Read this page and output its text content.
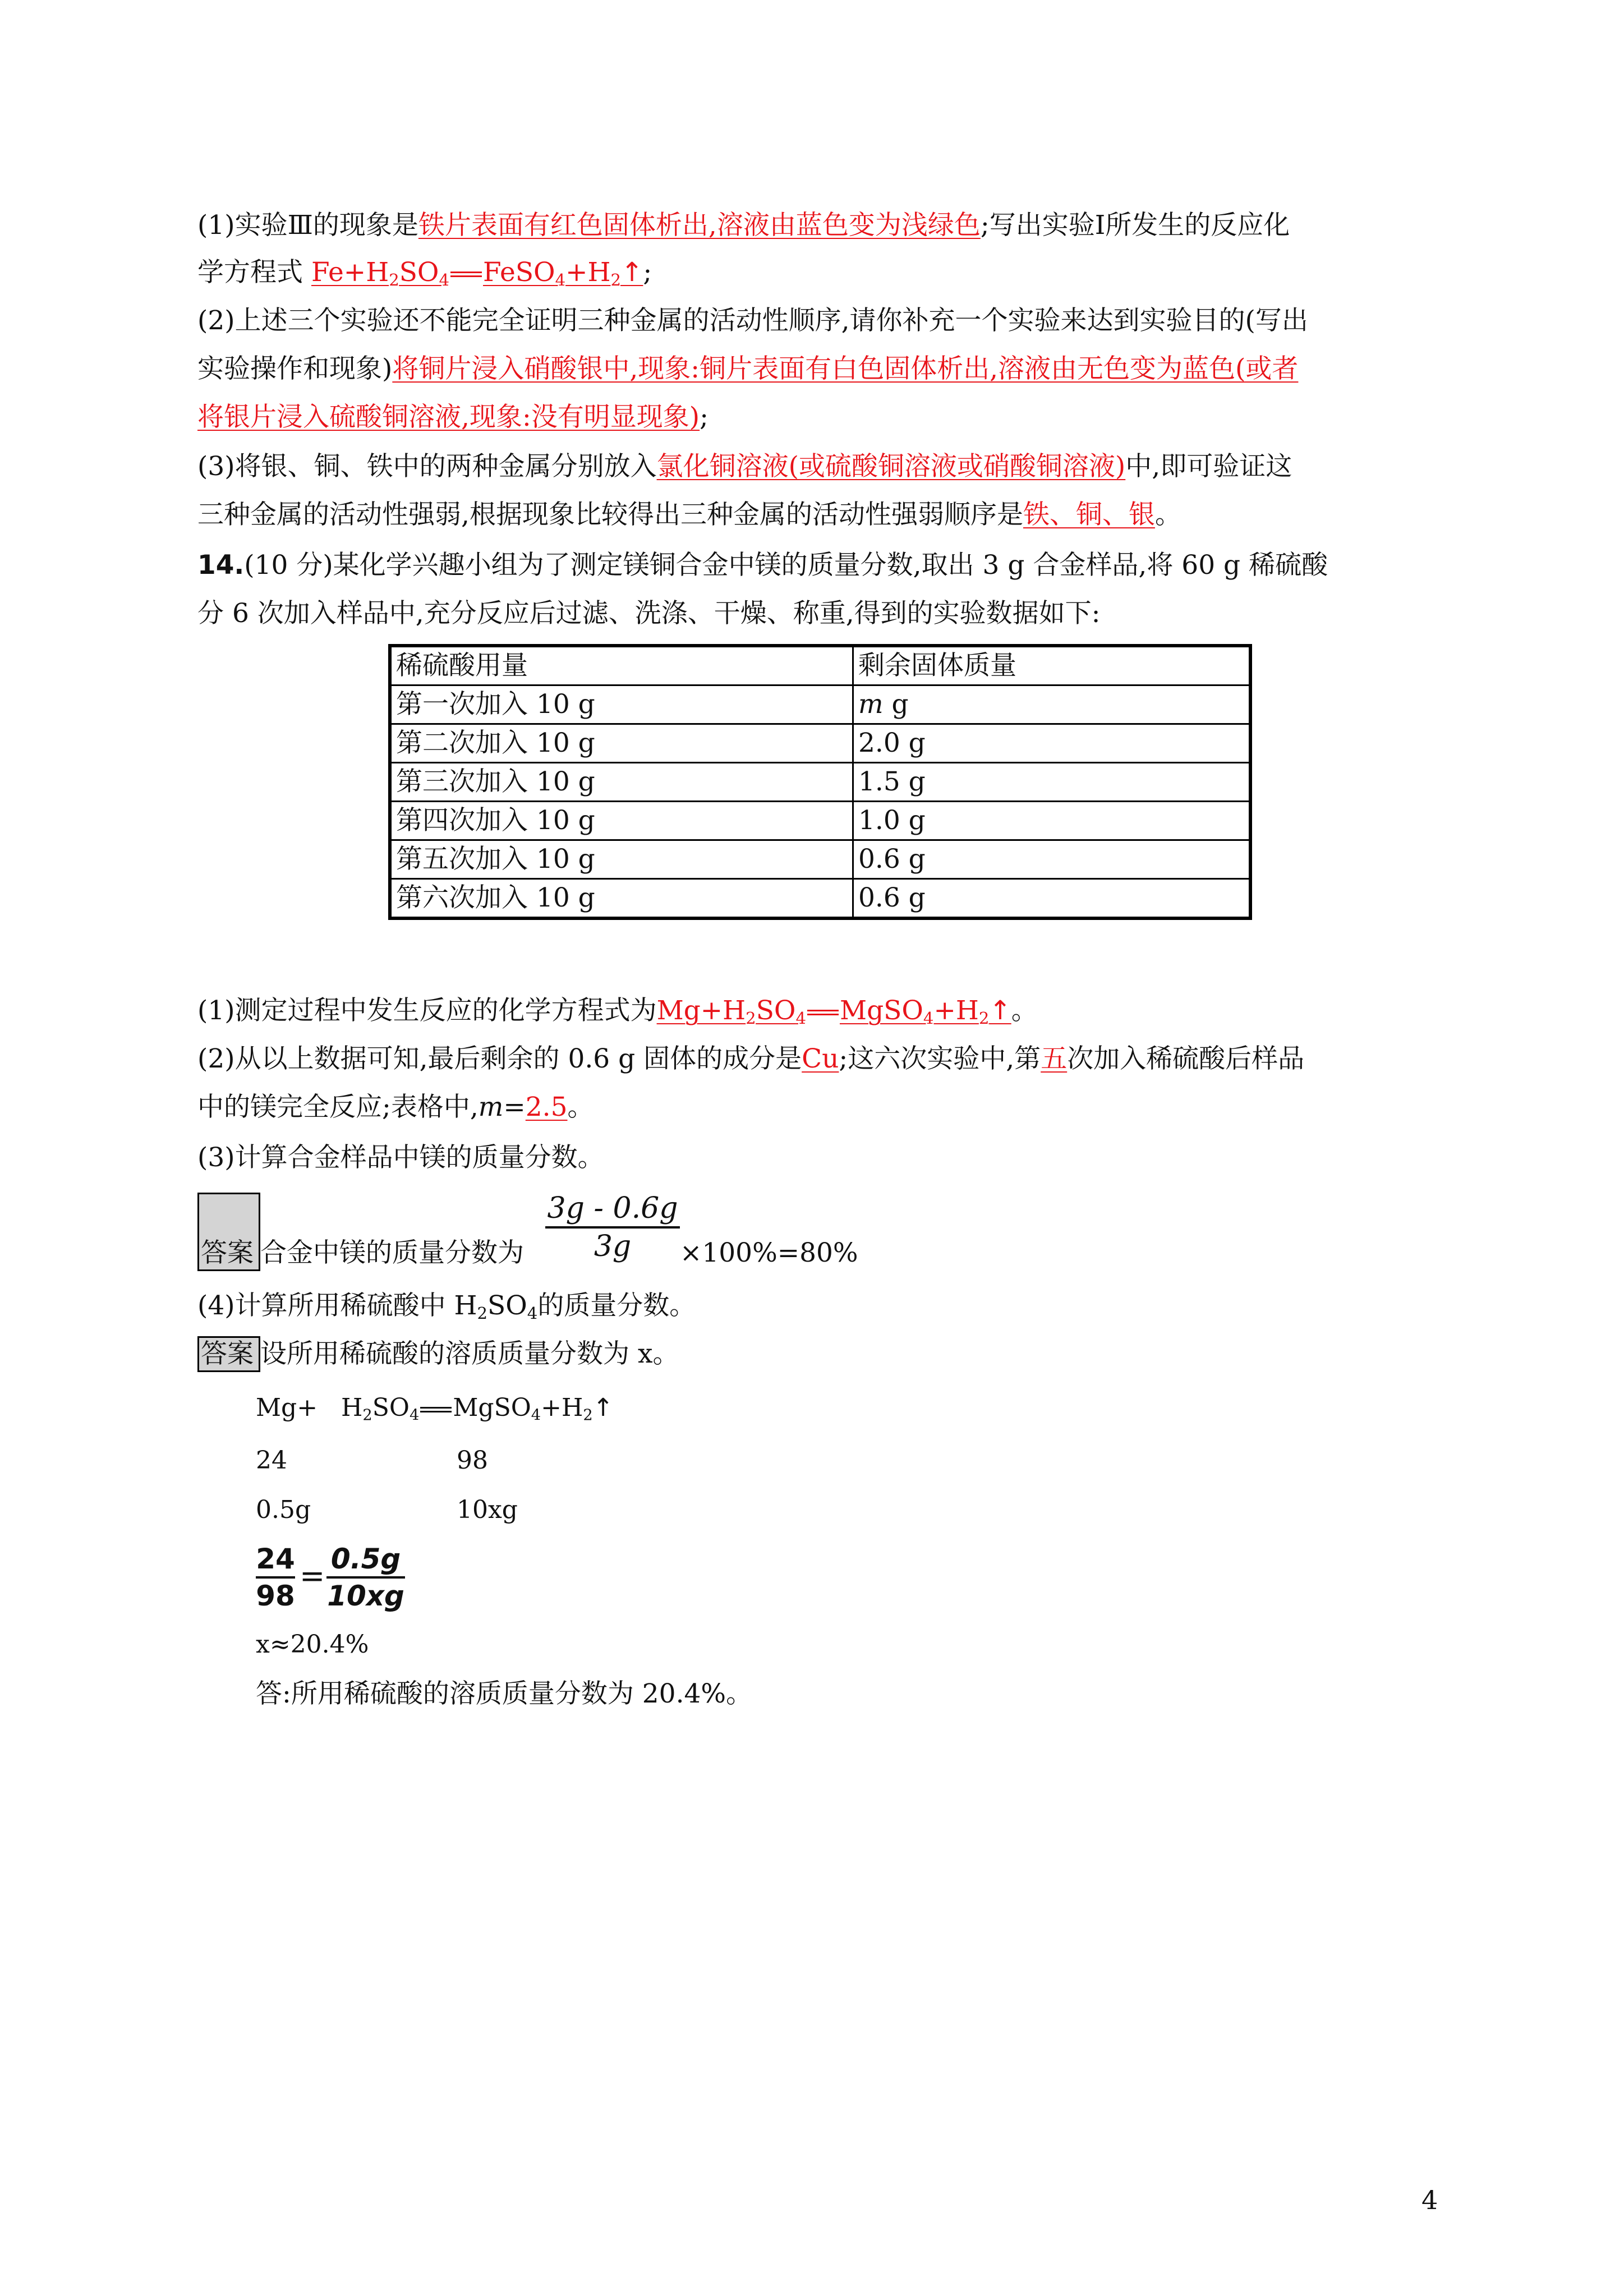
(1)实验Ⅲ的现象是铁片表面有红色固体析出,溶液由蓝色变为浅绿色;写出实验Ⅰ所发生的反应化
学方程式 $Fe+H_2SO_4$ $FeSO_4+H_2↑$;
(2)上述三个实验还不能完全证明三种金属的活动性顺序,请你补充一个实验来达到实验目的(写出
实验操作和现象)将铜片浸入硝酸银中,现象:铜片表面有白色固体析出,溶液由无色变为蓝色(或者
将银片浸入硫酸铜溶液,现象:没有明显现象);
(3)将银、铜、铁中的两种金属分别放入氯化铜溶液(或硫酸铜溶液或硝酸铜溶液)中,即可验证这
三种金属的活动性强弱,根据现象比较得出三种金属的活动性强弱顺序是铁、铜、银。
14.(10 分)某化学兴趣小组为了测定镁铜合金中镁的质量分数,取出 3 g 合金样品,将 60 g 稀硫酸
分 6 次加入样品中,充分反应后过滤、洗涤、干燥、称重,得到的实验数据如下:
稀硫酸用量	剩余固体质量
第一次加入 10 g	m g
第二次加入 10 g	2.0 g
第三次加入 10 g	1.5 g
第四次加入 10 g	1.0 g
第五次加入 10 g	0.6 g
第六次加入 10 g	0.6 g
(1)测定过程中发生反应的化学方程式为$Mg+H_2SO_4$ $MgSO_4+H_2↑$。
(2)从以上数据可知,最后剩余的 0.6 g 固体的成分是Cu;这六次实验中,第五次加入稀硫酸后样品
中的镁完全反应;表格中,m=2.5。
(3)计算合金样品中镁的质量分数。
答案 合金中镁的质量分数为
3g - 0.6g
3g	×100%=80%
(4)计算所用稀硫酸中 $H_2SO_4$的质量分数。
答案 设所用稀硫酸的溶质质量分数为 x。
$Mg+ H_2SO_4$ $MgSO_4+H_2↑$
24	98
0.5g	10xg
24
98
= 0.5g
10xg
x≈20.4%
答:所用稀硫酸的溶质质量分数为 20.4%。
4
